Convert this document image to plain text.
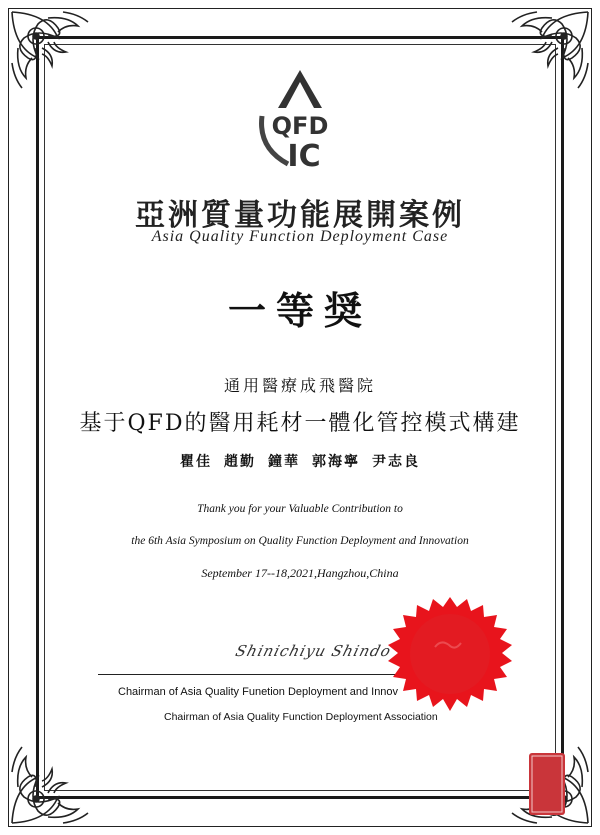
QFD
IC
亞洲質量功能展開案例
Asia Quality Function Deployment Case
一等奨
通用醫療成飛醫院
基于QFD的醫用耗材一體化管控模式構建
瞿佳 趙勤 鐘華 郭海寧 尹志良
Thank you for your Valuable Contribution to
the 6th Asia Symposium on Quality Function Deployment and Innovation
September 17--18,2021,Hangzhou,China
Shinichiyu Shindo
Chairman of Asia Quality Funetion Deployment and Innov
Chairman of Asia Quality Function Deployment Association
